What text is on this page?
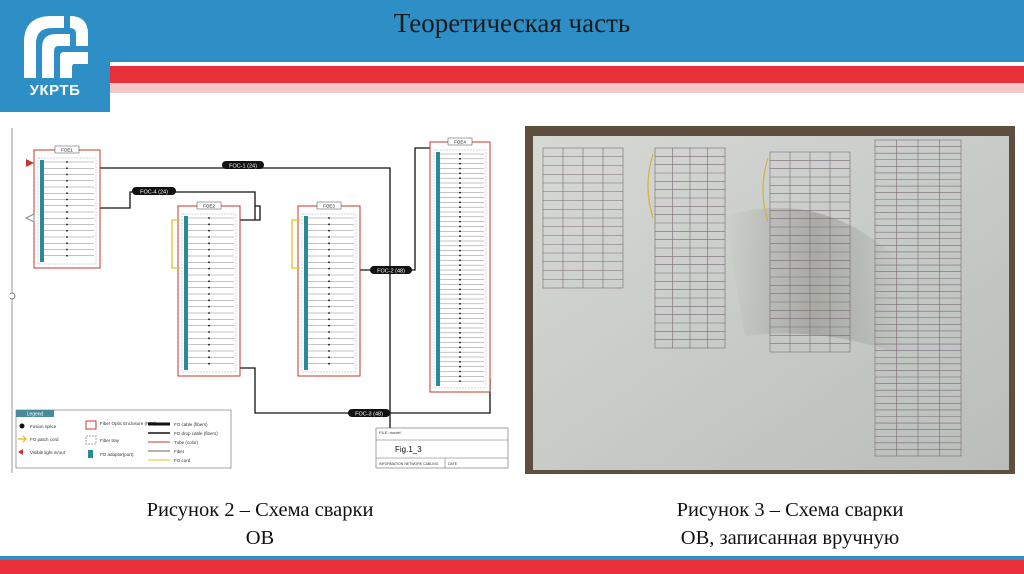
УКРТБ
Теоретическая часть
FOC-1 (24)
FOC-4 (24)
FOC-2 (48)
FOC-3 (48)
FOE1
FOE2	FOE3
FOE4
Legend
Fusion splice
FO patch cord
Visible light in/out
Fiber Optic Enclosure (FOE)
Fiber tray
FO adaptor(port)
FO cable (fibers)
FO drop cable (fibers)
Tube (color)
Fiber
FO cord
FILE: model
Fig.1_3
INFORMATION NETWORK CABLING	DATE
Рисунок 2 – Схема сварки
ОВ
Рисунок 3 – Схема сварки
ОВ, записанная вручную
